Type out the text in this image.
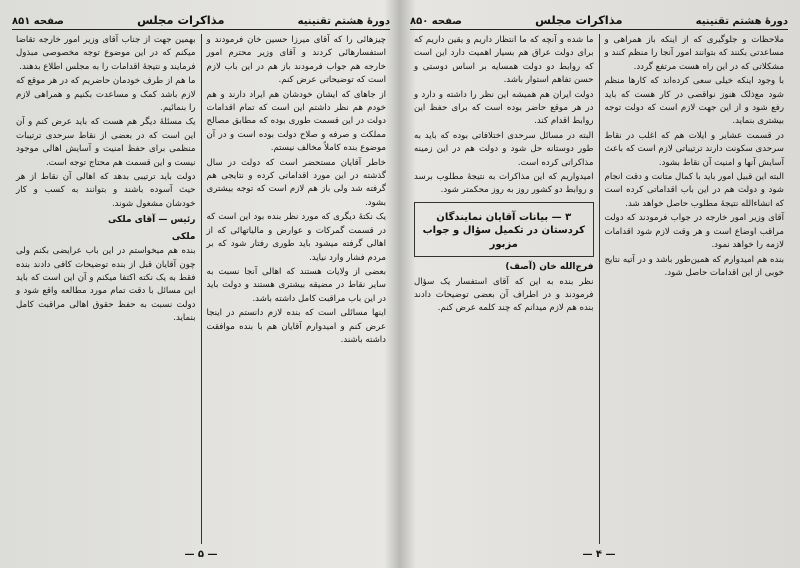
دورهٔ هشتم تقنینیه
مذاکرات مجلس
صفحه ۸۵۱

چیزهائی را که آقای میرزا حسین خان فرمودند و استفسارهائی کردند و آقای وزیر محترم امور خارجه هم جواب فرمودند باز هم در این باب لازم است که توضیحاتی عرض کنم.

از جاهای که ایشان خودشان هم ایراد دارند و هم خودم هم نظر داشتم این است که تمام اقدامات دولت در این قسمت طوری بوده که مطابق مصالح مملکت و صرفه و صلاح دولت بوده است و در آن موضوع بنده کاملاً مخالف نیستم.

خاطر آقایان مستحضر است که دولت در سال گذشته در این مورد اقداماتی کرده و نتایجی هم گرفته شد ولی باز هم لازم است که توجه بیشتری بشود.

یک نکتهٔ دیگری که مورد نظر بنده بود این است که در قسمت گمرکات و عوارض و مالیاتهائی که از اهالی گرفته میشود باید طوری رفتار شود که بر مردم فشار وارد نیاید.

بعضی از ولایات هستند که اهالی آنجا نسبت به سایر نقاط در مضیقه بیشتری هستند و دولت باید در این باب مراقبت کامل داشته باشد.

اینها مسائلی است که بنده لازم دانستم در اینجا عرض کنم و امیدوارم آقایان هم با بنده موافقت داشته باشند.

بهمین جهت از جناب آقای وزیر امور خارجه تقاضا میکنم که در این موضوع توجه مخصوصی مبذول فرمایند و نتیجهٔ اقدامات را به مجلس اطلاع بدهند.

ما هم از طرف خودمان حاضریم که در هر موقع که لازم باشد کمک و مساعدت بکنیم و همراهی لازم را بنمائیم.

یک مسئلهٔ دیگر هم هست که باید عرض کنم و آن این است که در بعضی از نقاط سرحدی ترتیبات منظمی برای حفظ امنیت و آسایش اهالی موجود نیست و این قسمت هم محتاج توجه است.

دولت باید ترتیبی بدهد که اهالی آن نقاط از هر حیث آسوده باشند و بتوانند به کسب و کار خودشان مشغول شوند.

رئیس — آقای ملکی

ملکی

بنده هم میخواستم در این باب عرایضی بکنم ولی چون آقایان قبل از بنده توضیحات کافی دادند بنده فقط به یک نکته اکتفا میکنم و آن این است که باید این مسائل با دقت تمام مورد مطالعه واقع شود و دولت نسبت به حفظ حقوق اهالی مراقبت کامل بنماید.

— ۵ —
دورهٔ هشتم تقنینیه
مذاکرات مجلس
صفحه ۸۵۰

ملاحظات و جلوگیری که از اینکه باز همراهی و مساعدتی بکنند که بتوانند امور آنجا را منظم کنند و مشکلاتی که در این راه هست مرتفع گردد.

با وجود اینکه خیلی سعی کرده‌اند که کارها منظم شود مع‌ذلک هنوز نواقصی در کار هست که باید رفع شود و از این جهت لازم است که دولت توجه بیشتری بنماید.

در قسمت عشایر و ایلات هم که اغلب در نقاط سرحدی سکونت دارند ترتیباتی لازم است که باعث آسایش آنها و امنیت آن نقاط بشود.

البته این قبیل امور باید با کمال متانت و دقت انجام شود و دولت هم در این باب اقداماتی کرده است که انشاءالله نتیجهٔ مطلوب حاصل خواهد شد.

آقای وزیر امور خارجه در جواب فرمودند که دولت مراقب اوضاع است و هر وقت لازم شود اقدامات لازمه را خواهد نمود.

بنده هم امیدوارم که همین‌طور باشد و در آتیه نتایج خوبی از این اقدامات حاصل شود.

ما شده و آنچه که ما انتظار داریم و یقین داریم که برای دولت عراق هم بسیار اهمیت دارد این است که روابط دو دولت همسایه بر اساس دوستی و حسن تفاهم استوار باشد.

دولت ایران هم همیشه این نظر را داشته و دارد و در هر موقع حاضر بوده است که برای حفظ این روابط اقدام کند.

البته در مسائل سرحدی اختلافاتی بوده که باید به طور دوستانه حل شود و دولت هم در این زمینه مذاکراتی کرده است.

امیدواریم که این مذاکرات به نتیجهٔ مطلوب برسد و روابط دو کشور روز به روز محکمتر شود.

۳ — بیانات آقایان نمایندگان کردستان در تکمیل سؤال و جواب مزبور

فرج‌الله خان (آصف)

نظر بنده به این که آقای استفسار یک سؤال فرمودند و در اطراف آن بعضی توضیحات دادند بنده هم لازم میدانم که چند کلمه عرض کنم.

— ۴ —
